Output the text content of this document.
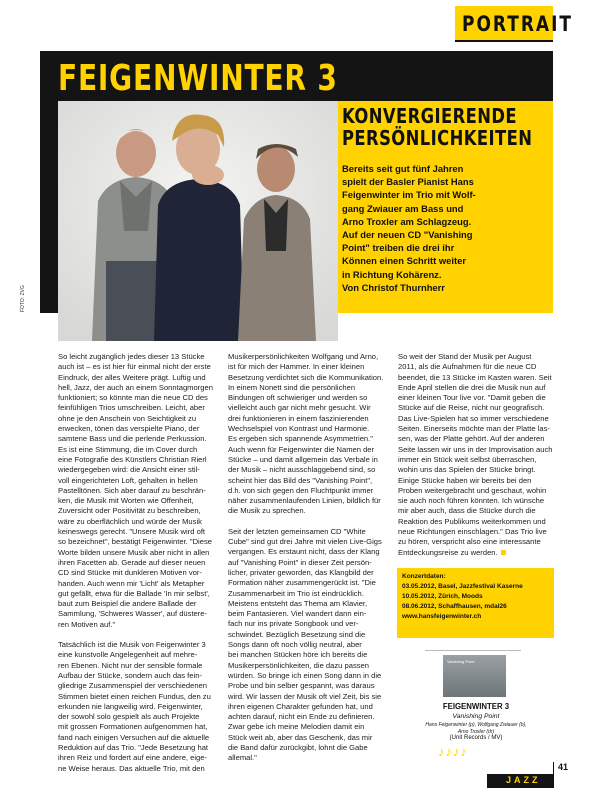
PORTRAIT
FEIGENWINTER 3
KONVERGIERENDE
PERSÖNLICHKEITEN
FOTO: ZVG

Bereits seit gut fünf Jahren

spielt der Basler Pianist Hans

Feigenwinter im Trio mit Wolf-

gang Zwiauer am Bass und

Arno Troxler am Schlagzeug.

Auf der neuen CD "Vanishing

Point" treiben die drei ihr

Können einen Schritt weiter

in Richtung Kohärenz.

Von Christof Thurnherr

So leicht zugänglich jedes dieser 13 Stücke

auch ist – es ist hier für einmal nicht der erste

Eindruck, der alles Weitere prägt. Luftig und

hell, Jazz, der auch an einem Sonntagmorgen

funktioniert; so könnte man die neue CD des

feinfühligen Trios umschreiben. Leicht, aber

ohne je den Anschein von Seichtigkeit zu

erwecken, tönen das verspielte Piano, der

samtene Bass und die perlende Perkussion.

Es ist eine Stimmung, die im Cover durch

eine Fotografie des Künstlers Christian Rierl

wiedergegeben wird: die Ansicht einer stil-

voll eingerichteten Loft, gehalten in hellen

Pastelltönen. Sich aber darauf zu beschrän-

ken, die Musik mit Worten wie Offenheit,

Zuversicht oder Positivität zu beschreiben,

wäre zu oberflächlich und würde der Musik

keineswegs gerecht. "Unsere Musik wird oft

so bezeichnet", bestätigt Feigenwinter. "Diese

Worte bilden unsere Musik aber nicht in allen

ihren Facetten ab. Gerade auf dieser neuen

CD sind Stücke mit dunkleren Motiven vor-

handen. Auch wenn mir 'Licht' als Metapher

gut gefällt, etwa für die Ballade 'In mir selbst',

baut zum Beispiel die andere Ballade der

Sammlung, 'Schweres Wasser', auf düstere-

ren Motiven auf."

Tatsächlich ist die Musik von Feigenwinter 3

eine kunstvolle Angelegenheit auf mehre-

ren Ebenen. Nicht nur der sensible formale

Aufbau der Stücke, sondern auch das fein-

gliedrige Zusammenspiel der verschiedenen

Stimmen bietet einen reichen Fundus, den zu

erkunden nie langweilig wird. Feigenwinter,

der sowohl solo gespielt als auch Projekte

mit grossen Formationen aufgenommen hat,

fand nach einigen Versuchen auf die aktuelle

Reduktion auf das Trio. "Jede Besetzung hat

ihren Reiz und fordert auf eine andere, eige-

ne Weise heraus. Das aktuelle Trio, mit den

Musikerpersönlichkeiten Wolfgang und Arno,

ist für mich der Hammer. In einer kleinen

Besetzung verdichtet sich die Kommunikation.

In einem Nonett sind die persönlichen

Bindungen oft schwieriger und werden so

vielleicht auch gar nicht mehr gesucht. Wir

drei funktionieren in einem faszinierenden

Wechselspiel von Kontrast und Harmonie.

Es ergeben sich spannende Asymmetrien."

Auch wenn für Feigenwinter die Namen der

Stücke – und damit allgemein das Verbale in

der Musik – nicht ausschlaggebend sind, so

scheint hier das Bild des "Vanishing Point",

d.h. von sich gegen den Fluchtpunkt immer

näher zusammenlaufenden Linien, bildlich für

die Musik zu sprechen.

Seit der letzten gemeinsamen CD "White

Cube" sind gut drei Jahre mit vielen Live-Gigs

vergangen. Es erstaunt nicht, dass der Klang

auf "Vanishing Point" in dieser Zeit persön-

licher, privater geworden, das Klangbild der

Formation näher zusammengerückt ist. "Die

Zusammenarbeit im Trio ist eindrücklich.

Meistens entsteht das Thema am Klavier,

beim Fantasieren. Viel wandert dann ein-

fach nur ins private Songbook und ver-

schwindet. Bezüglich Besetzung sind die

Songs dann oft noch völlig neutral, aber

bei manchen Stücken höre ich bereits die

Musikerpersönlichkeiten, die dazu passen

würden. So bringe ich einen Song dann in die

Probe und bin selber gespannt, was daraus

wird. Wir lassen der Musik oft viel Zeit, bis sie

ihren eigenen Charakter gefunden hat, und

achten darauf, nicht ein Ende zu definieren.

Zwar gebe ich meine Melodien damit ein

Stück weit ab, aber das Geschenk, das mir

die Band dafür zurückgibt, lohnt die Gabe

allemal."

So weit der Stand der Musik per August

2011, als die Aufnahmen für die neue CD

beendet, die 13 Stücke im Kasten waren. Seit

Ende April stellen die drei die Musik nun auf

einer kleinen Tour live vor. "Damit geben die

Stücke auf die Reise, nicht nur geografisch.

Das Live-Spielen hat so immer verschiedene

Seiten. Einerseits möchte man der Platte las-

sen, was der Platte gehört. Auf der anderen

Seite lassen wir uns in der Improvisation auch

immer ein Stück weit selbst überraschen,

wohin uns das Spielen der Stücke bringt.

Einige Stücke haben wir bereits bei den

Proben weitergebracht und geschaut, wohin

sie auch noch führen könnten. Ich wünsche

mir aber auch, dass die Stücke durch die

Reaktion des Publikums weiterkommen und

neue Richtungen einschlagen." Das Trio live

zu hören, verspricht also eine interessante

Entdeckungsreise zu werden.

Konzertdaten:
03.05.2012, Basel, Jazzfestival Kaserne
10.05.2012, Zürich, Moods
08.06.2012, Schaffhausen, mdal26
www.hansfeigenwinter.ch
Vanishing Point
FEIGENWINTER 3
Vanishing Point
Hans Feigenwinter (p), Wolfgang Zwiauer (b),
Arno Troxler (dr)
(Unit Records / MV)
♪♪♪♪
41
JAZZ
